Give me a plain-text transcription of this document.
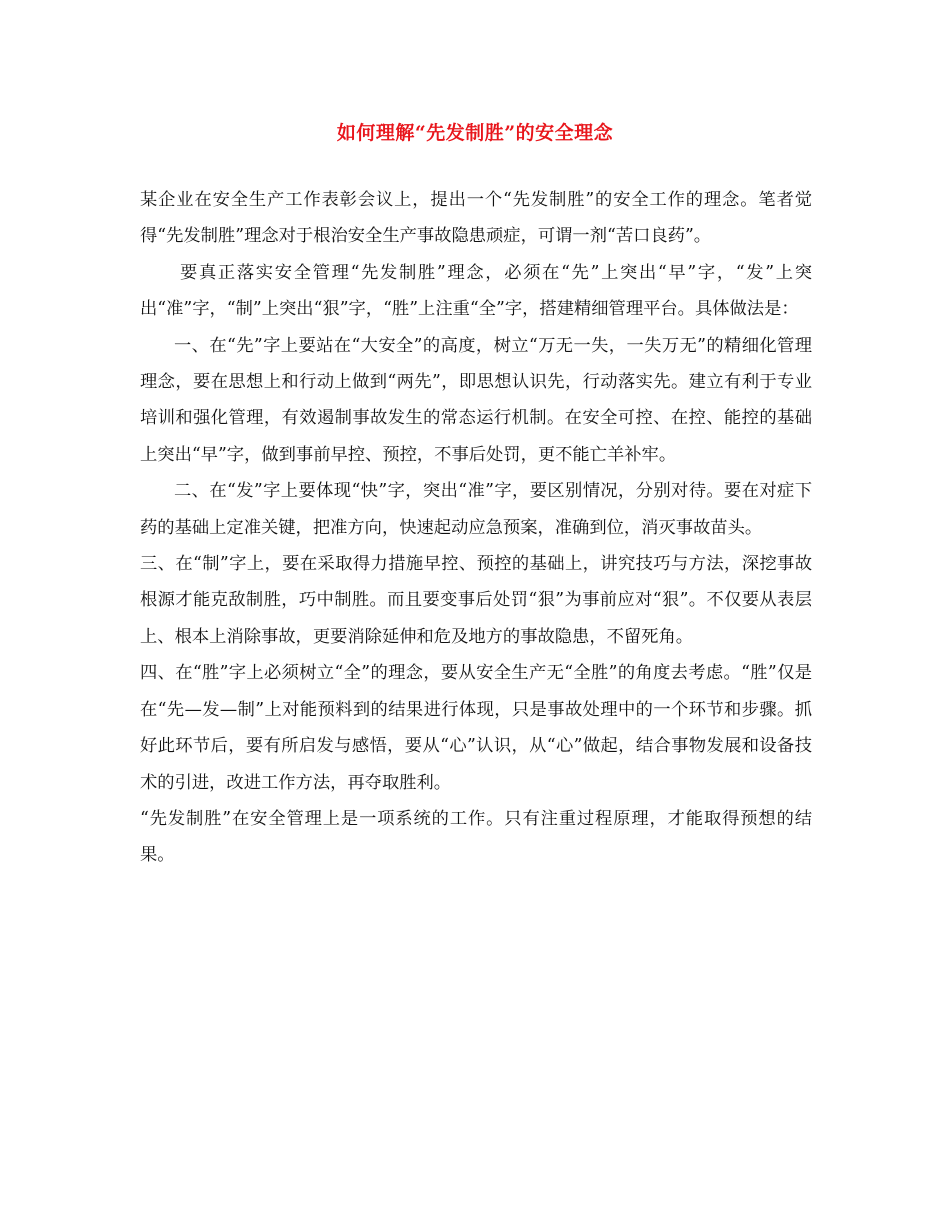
如何理解“先发制胜”的安全理念

某企业在安全生产工作表彰会议上，提出一个“先发制胜”的安全工作的理念。笔者觉得“先发制胜”理念对于根治安全生产事故隐患顽症，可谓一剂“苦口良药”。

要真正落实安全管理“先发制胜”理念，必须在“先”上突出“早”字，“发”上突出“准”字，“制”上突出“狠”字，“胜”上注重“全”字，搭建精细管理平台。具体做法是：

一、在“先”字上要站在“大安全”的高度，树立“万无一失，一失万无”的精细化管理理念，要在思想上和行动上做到“两先”，即思想认识先，行动落实先。建立有利于专业培训和强化管理，有效遏制事故发生的常态运行机制。在安全可控、在控、能控的基础上突出“早”字，做到事前早控、预控，不事后处罚，更不能亡羊补牢。

二、在“发”字上要体现“快”字，突出“准”字，要区别情况，分别对待。要在对症下药的基础上定准关键，把准方向，快速起动应急预案，准确到位，消灭事故苗头。

三、在“制”字上，要在采取得力措施早控、预控的基础上，讲究技巧与方法，深挖事故根源才能克敌制胜，巧中制胜。而且要变事后处罚“狠”为事前应对“狠”。不仅要从表层上、根本上消除事故，更要消除延伸和危及地方的事故隐患，不留死角。

四、在“胜”字上必须树立“全”的理念，要从安全生产无“全胜”的角度去考虑。“胜”仅是在“先—发—制”上对能预料到的结果进行体现，只是事故处理中的一个环节和步骤。抓好此环节后，要有所启发与感悟，要从“心”认识，从“心”做起，结合事物发展和设备技术的引进，改进工作方法，再夺取胜利。

“先发制胜”在安全管理上是一项系统的工作。只有注重过程原理，才能取得预想的结果。
